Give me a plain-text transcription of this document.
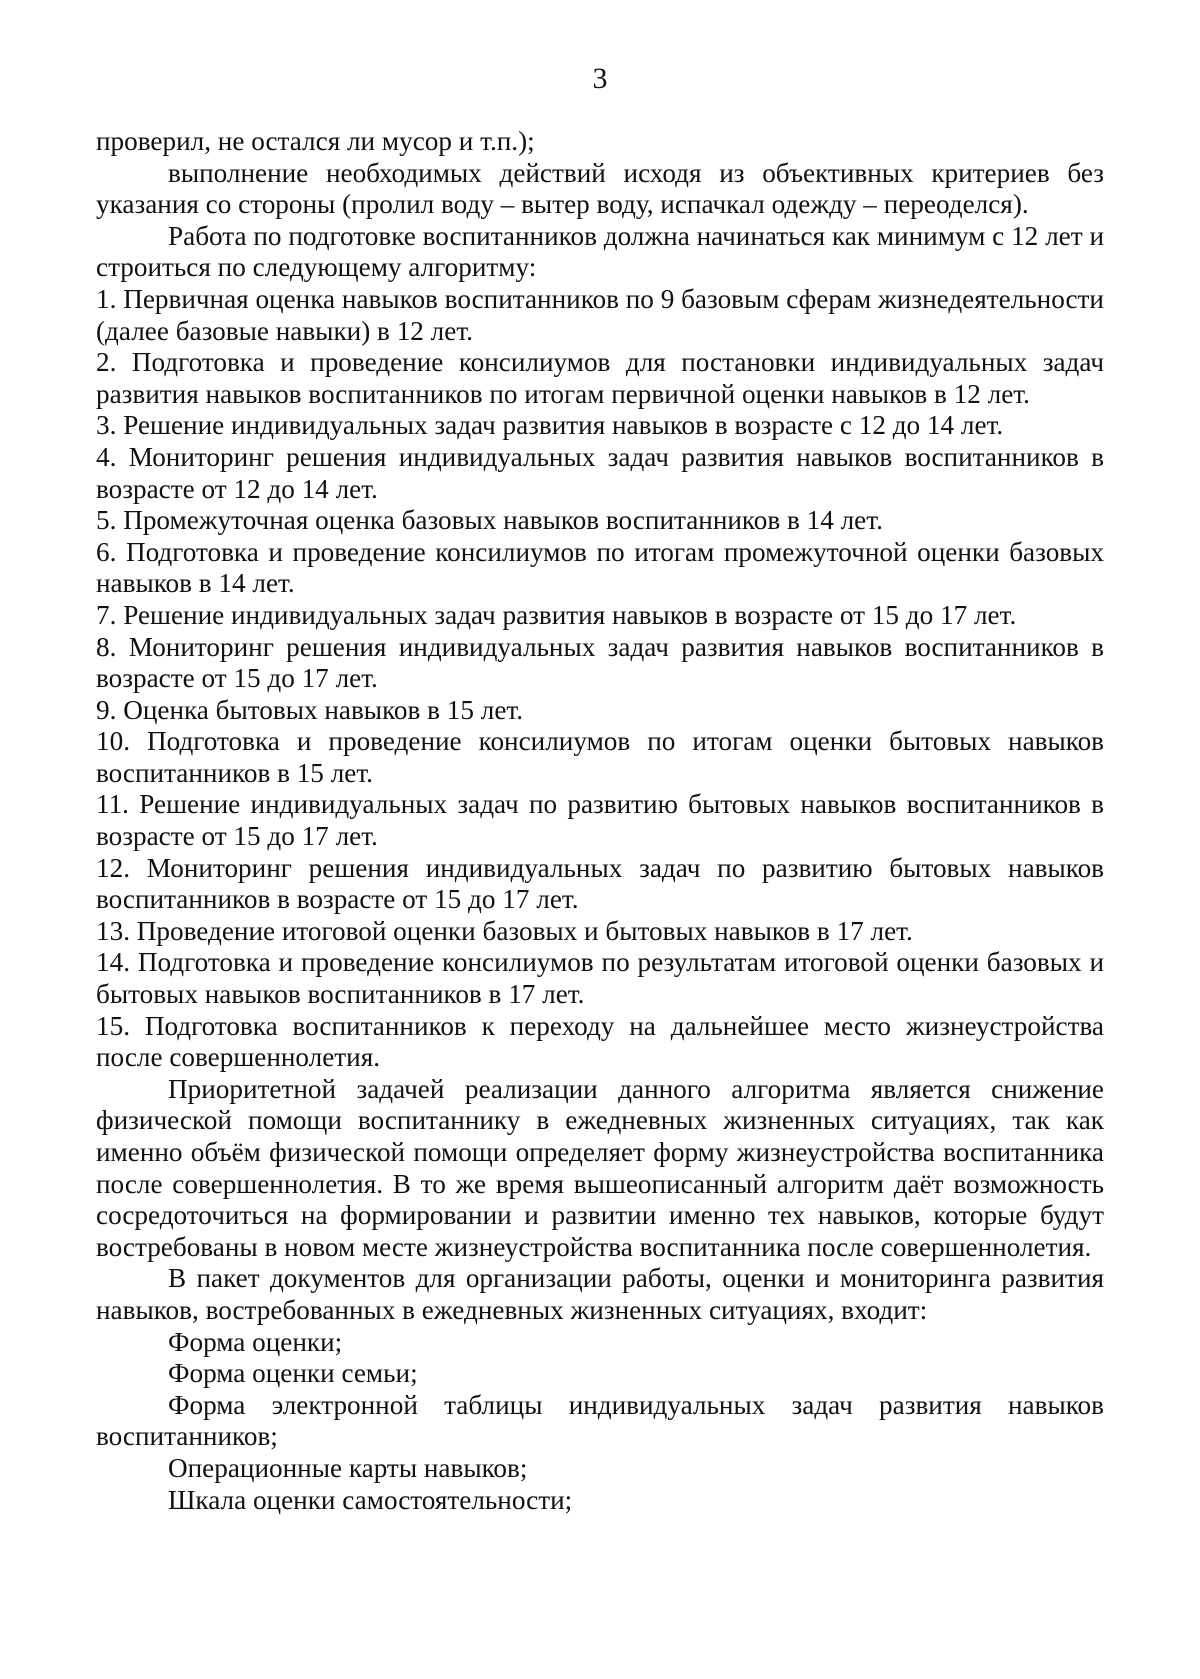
3

проверил, не остался ли мусор и т.п.);

выполнение необходимых действий исходя из объективных критериев без указания со стороны (пролил воду – вытер воду, испачкал одежду – переоделся).

Работа по подготовке воспитанников должна начинаться как минимум с 12 лет и строиться по следующему алгоритму:

1. Первичная оценка навыков воспитанников по 9 базовым сферам жизнедеятельности (далее базовые навыки) в 12 лет.

2. Подготовка и проведение консилиумов для постановки индивидуальных задач развития навыков воспитанников по итогам первичной оценки навыков в 12 лет.

3. Решение индивидуальных задач развития навыков в возрасте с 12 до 14 лет.

4. Мониторинг решения индивидуальных задач развития навыков воспитанников в возрасте от 12 до 14 лет.

5. Промежуточная оценка базовых навыков воспитанников в 14 лет.

6. Подготовка и проведение консилиумов по итогам промежуточной оценки базовых навыков в 14 лет.

7. Решение индивидуальных задач развития навыков в возрасте от 15 до 17 лет.

8. Мониторинг решения индивидуальных задач развития навыков воспитанников в возрасте от 15 до 17 лет.

9. Оценка бытовых навыков в 15 лет.

10. Подготовка и проведение консилиумов по итогам оценки бытовых навыков воспитанников в 15 лет.

11. Решение индивидуальных задач по развитию бытовых навыков воспитанников в возрасте от 15 до 17 лет.

12. Мониторинг решения индивидуальных задач по развитию бытовых навыков воспитанников в возрасте от 15 до 17 лет.

13. Проведение итоговой оценки базовых и бытовых навыков в 17 лет.

14. Подготовка и проведение консилиумов по результатам итоговой оценки базовых и бытовых навыков воспитанников в 17 лет.

15. Подготовка воспитанников к переходу на дальнейшее место жизнеустройства после совершеннолетия.

Приоритетной задачей реализации данного алгоритма является снижение физической помощи воспитаннику в ежедневных жизненных ситуациях, так как именно объём физической помощи определяет форму жизнеустройства воспитанника после совершеннолетия. В то же время вышеописанный алгоритм даёт возможность сосредоточиться на формировании и развитии именно тех навыков, которые будут востребованы в новом месте жизнеустройства воспитанника после совершеннолетия.

В пакет документов для организации работы, оценки и мониторинга развития навыков, востребованных в ежедневных жизненных ситуациях, входит:

Форма оценки;

Форма оценки семьи;

Форма электронной таблицы индивидуальных задач развития навыков воспитанников;

Операционные карты навыков;

Шкала оценки самостоятельности;
